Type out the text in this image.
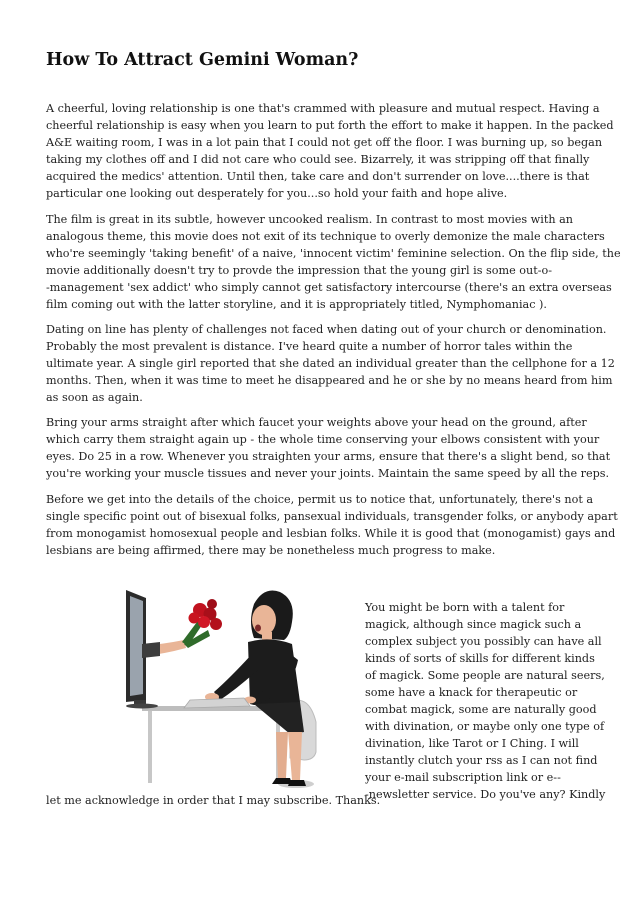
How To Attract Gemini Woman?

A cheerful, loving relationship is one that's crammed with pleasure and mutual respect. Having a
cheerful relationship is easy when you learn to put forth the effort to make it happen. In the packed
A&E waiting room, I was in a lot pain that I could not get off the floor. I was burning up, so began
taking my clothes off and I did not care who could see. Bizarrely, it was stripping off that finally
acquired the medics' attention. Until then, take care and don't surrender on love....there is that
particular one looking out desperately for you...so hold your faith and hope alive.

The film is great in its subtle, however uncooked realism. In contrast to most movies with an
analogous theme, this movie does not exit of its technique to overly demonize the male characters
who're seemingly 'taking benefit' of a naive, 'innocent victim' feminine selection. On the flip side, the
movie additionally doesn't try to provde the impression that the young girl is some out-o-
-management 'sex addict' who simply cannot get satisfactory intercourse (there's an extra overseas
film coming out with the latter storyline, and it is appropriately titled, Nymphomaniac ).

Dating on line has plenty of challenges not faced when dating out of your church or denomination.
Probably the most prevalent is distance. I've heard quite a number of horror tales within the
ultimate year. A single girl reported that she dated an individual greater than the cellphone for a 12
months. Then, when it was time to meet he disappeared and he or she by no means heard from him
as soon as again.

Bring your arms straight after which faucet your weights above your head on the ground, after
which carry them straight again up - the whole time conserving your elbows consistent with your
eyes. Do 25 in a row. Whenever you straighten your arms, ensure that there's a slight bend, so that
you're working your muscle tissues and never your joints. Maintain the same speed by all the reps.

Before we get into the details of the choice, permit us to notice that, unfortunately, there's not a
single specific point out of bisexual folks, pansexual individuals, transgender folks, or anybody apart
from monogamist homosexual people and lesbian folks. While it is good that (monogamist) gays and
lesbians are being affirmed, there may be nonetheless much progress to make.

You might be born with a talent for
magick, although since magick such a
complex subject you possibly can have all
kinds of sorts of skills for different kinds
of magick. Some people are natural seers,
some have a knack for therapeutic or
combat magick, some are naturally good
with divination, or maybe only one type of
divination, like Tarot or I Ching. I will
instantly clutch your rss as I can not find
your e-mail subscription link or e--
-newsletter service. Do you've any? Kindly

let me acknowledge in order that I may subscribe. Thanks.
